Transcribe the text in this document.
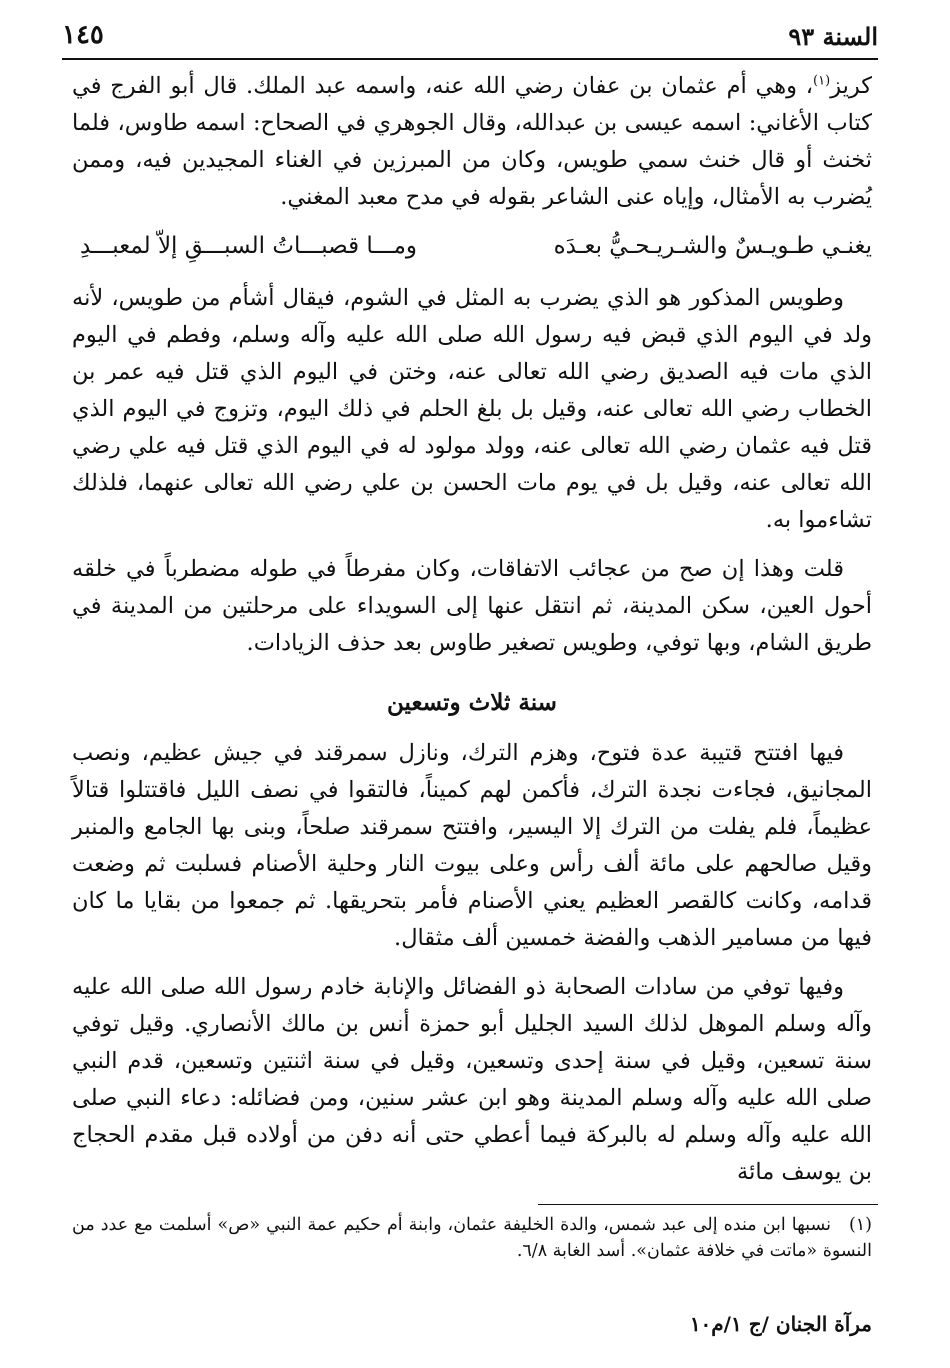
السنة ٩٣
١٤٥

كريز$^{(١)}$، وهي أم عثمان بن عفان رضي الله عنه، واسمه عبد الملك. قال أبو الفرج في كتاب الأغاني: اسمه عيسى بن عبدالله، وقال الجوهري في الصحاح: اسمه طاوس، فلما ثخنث أو قال خنث سمي طويس، وكان من المبرزين في الغناء المجيدين فيه، وممن يُضرب به الأمثال، وإياه عنى الشاعر بقوله في مدح معبد المغني.

يغنـي طـويـسٌ والشـريـحـيُّ بعـدَه
ومـــا قصبـــاتُ السبـــقِ إلاّ لمعبـــدِ

وطويس المذكور هو الذي يضرب به المثل في الشوم، فيقال أشأم من طويس، لأنه ولد في اليوم الذي قبض فيه رسول الله صلى الله عليه وآله وسلم، وفطم في اليوم الذي مات فيه الصديق رضي الله تعالى عنه، وختن في اليوم الذي قتل فيه عمر بن الخطاب رضي الله تعالى عنه، وقيل بل بلغ الحلم في ذلك اليوم، وتزوج في اليوم الذي قتل فيه عثمان رضي الله تعالى عنه، وولد مولود له في اليوم الذي قتل فيه علي رضي الله تعالى عنه، وقيل بل في يوم مات الحسن بن علي رضي الله تعالى عنهما، فلذلك تشاءموا به.

قلت وهذا إن صح من عجائب الاتفاقات، وكان مفرطاً في طوله مضطرباً في خلقه أحول العين، سكن المدينة، ثم انتقل عنها إلى السويداء على مرحلتين من المدينة في طريق الشام، وبها توفي، وطويس تصغير طاوس بعد حذف الزيادات.

سنة ثلاث وتسعين

فيها افتتح قتيبة عدة فتوح، وهزم الترك، ونازل سمرقند في جيش عظيم، ونصب المجانيق، فجاءت نجدة الترك، فأكمن لهم كميناً، فالتقوا في نصف الليل فاقتتلوا قتالاً عظيماً، فلم يفلت من الترك إلا اليسير، وافتتح سمرقند صلحاً، وبنى بها الجامع والمنبر وقيل صالحهم على مائة ألف رأس وعلى بيوت النار وحلية الأصنام فسلبت ثم وضعت قدامه، وكانت كالقصر العظيم يعني الأصنام فأمر بتحريقها. ثم جمعوا من بقايا ما كان فيها من مسامير الذهب والفضة خمسين ألف مثقال.

وفيها توفي من سادات الصحابة ذو الفضائل والإنابة خادم رسول الله صلى الله عليه وآله وسلم الموهل لذلك السيد الجليل أبو حمزة أنس بن مالك الأنصاري. وقيل توفي سنة تسعين، وقيل في سنة إحدى وتسعين، وقيل في سنة اثنتين وتسعين، قدم النبي صلى الله عليه وآله وسلم المدينة وهو ابن عشر سنين، ومن فضائله: دعاء النبي صلى الله عليه وآله وسلم له بالبركة فيما أعطي حتى أنه دفن من أولاده قبل مقدم الحجاج بن يوسف مائة

(١)نسبها ابن منده إلى عبد شمس، والدة الخليفة عثمان، وابنة أم حكيم عمة النبي «ص» أسلمت مع عدد من النسوة «ماتت في خلافة عثمان». أسد الغابة ٦/٨.
مرآة الجنان /ج ١/م١٠
